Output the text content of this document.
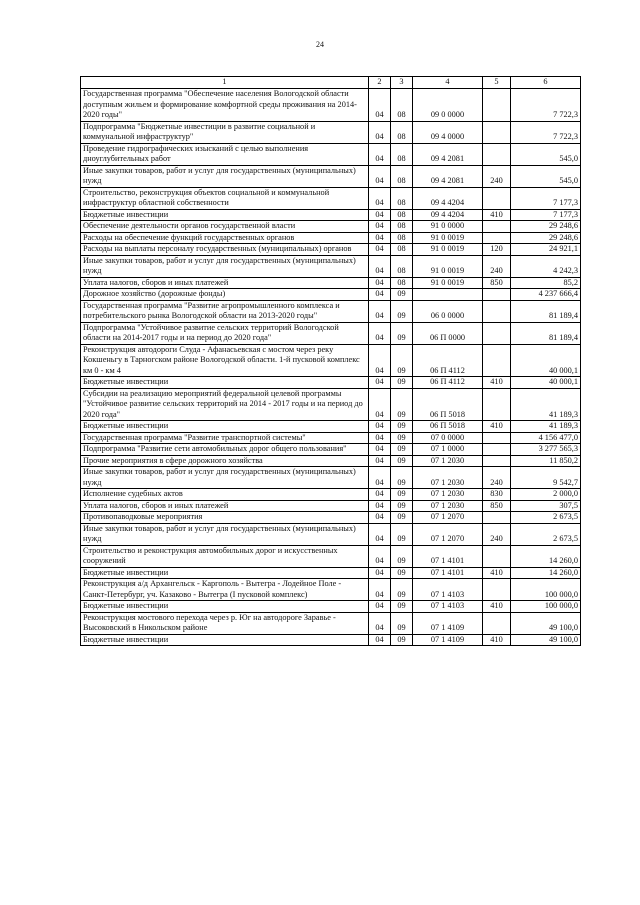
24
1	2	3	4	5	6
Государственная программа "Обеспечение населения Вологодской области доступным жильем и формирование комфортной среды проживания на 2014-2020 годы"	04	08	09 0 0000		7 722,3
Подпрограмма "Бюджетные инвестиции в развитие социальной и коммунальной инфраструктур"	04	08	09 4 0000		7 722,3
Проведение гидрографических изысканий с целью выполнения дноуглубительных работ	04	08	09 4 2081		545,0
Иные закупки товаров, работ и услуг для государственных (муниципальных) нужд	04	08	09 4 2081	240	545,0
Строительство, реконструкция объектов социальной и коммунальной инфраструктур областной собственности	04	08	09 4 4204		7 177,3
Бюджетные инвестиции	04	08	09 4 4204	410	7 177,3
Обеспечение деятельности органов государственной власти	04	08	91 0 0000		29 248,6
Расходы на обеспечение функций государственных органов	04	08	91 0 0019		29 248,6
Расходы на выплаты персоналу государственных (муниципальных) органов	04	08	91 0 0019	120	24 921,1
Иные закупки товаров, работ и услуг для государственных (муниципальных) нужд	04	08	91 0 0019	240	4 242,3
Уплата налогов, сборов и иных платежей	04	08	91 0 0019	850	85,2
Дорожное хозяйство (дорожные фонды)	04	09			4 237 666,4
Государственная программа "Развитие агропромышленного комплекса и потребительского рынка Вологодской области на 2013-2020 годы"	04	09	06 0 0000		81 189,4
Подпрограмма "Устойчивое развитие сельских территорий Вологодской области на 2014-2017 годы и на период до 2020 года"	04	09	06 П 0000		81 189,4
Реконструкция автодороги Слуда - Афанасьевская с мостом через реку Кокшеньгу в Тарногском районе Вологодской области. 1-й пусковой комплекс км 0 - км 4	04	09	06 П 4112		40 000,1
Бюджетные инвестиции	04	09	06 П 4112	410	40 000,1
Субсидии на реализацию мероприятий федеральной целевой программы "Устойчивое развитие сельских территорий на 2014 - 2017 годы и на период до 2020 года"	04	09	06 П 5018		41 189,3
Бюджетные инвестиции	04	09	06 П 5018	410	41 189,3
Государственная программа "Развитие транспортной системы"	04	09	07 0 0000		4 156 477,0
Подпрограмма "Развитие сети автомобильных дорог общего пользования"	04	09	07 1 0000		3 277 565,3
Прочие мероприятия в сфере дорожного хозяйства	04	09	07 1 2030		11 850,2
Иные закупки товаров, работ и услуг для государственных (муниципальных) нужд	04	09	07 1 2030	240	9 542,7
Исполнение судебных актов	04	09	07 1 2030	830	2 000,0
Уплата налогов, сборов и иных платежей	04	09	07 1 2030	850	307,5
Противопаводковые мероприятия	04	09	07 1 2070		2 673,5
Иные закупки товаров, работ и услуг для государственных (муниципальных) нужд	04	09	07 1 2070	240	2 673,5
Строительство и реконструкция автомобильных дорог и искусственных сооружений	04	09	07 1 4101		14 260,0
Бюджетные инвестиции	04	09	07 1 4101	410	14 260,0
Реконструкция а/д Архангельск - Каргополь - Вытегра - Лодейное Поле - Санкт-Петербург, уч. Казаково - Вытегра (I пусковой комплекс)	04	09	07 1 4103		100 000,0
Бюджетные инвестиции	04	09	07 1 4103	410	100 000,0
Реконструкция мостового перехода через р. Юг на автодороге Заравье - Высоковский в Никольском районе	04	09	07 1 4109		49 100,0
Бюджетные инвестиции	04	09	07 1 4109	410	49 100,0
